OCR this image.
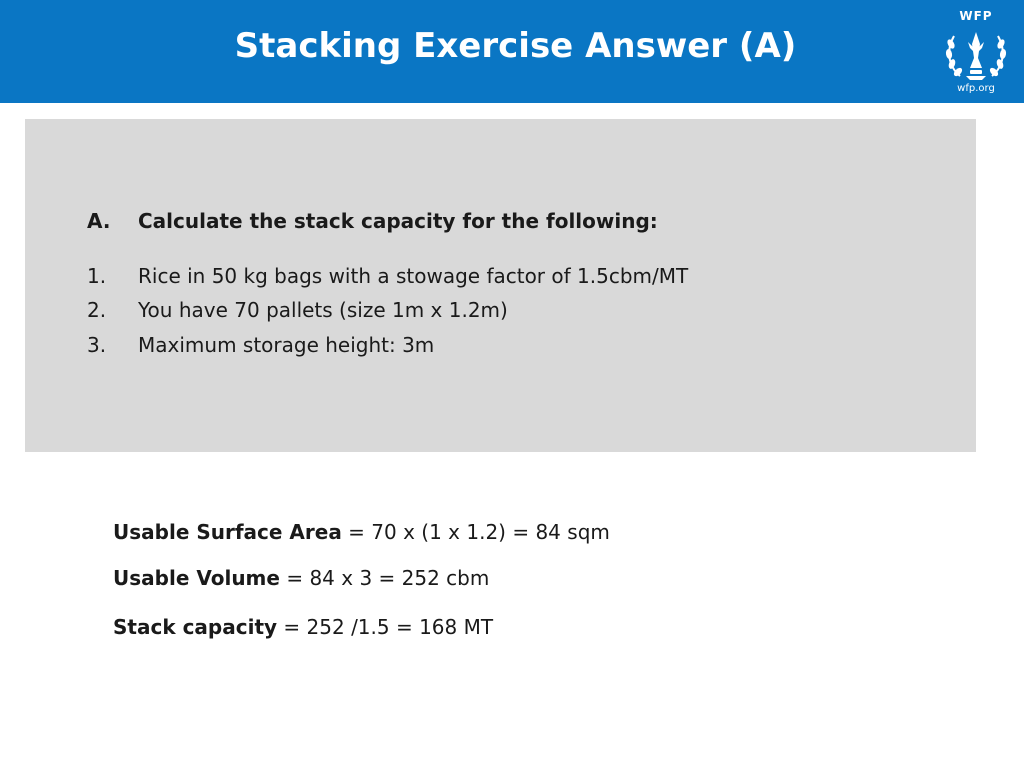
Stacking Exercise Answer (A)
WFP
wfp.org
A. Calculate the stack capacity for the following:
1. Rice in 50 kg bags with a stowage factor of 1.5cbm/MT
2. You have 70 pallets (size 1m x 1.2m)
3. Maximum storage height: 3m
Usable Surface Area = 70 x (1 x 1.2) = 84 sqm
Usable Volume = 84 x 3 = 252 cbm
Stack capacity = 252 /1.5 = 168 MT
